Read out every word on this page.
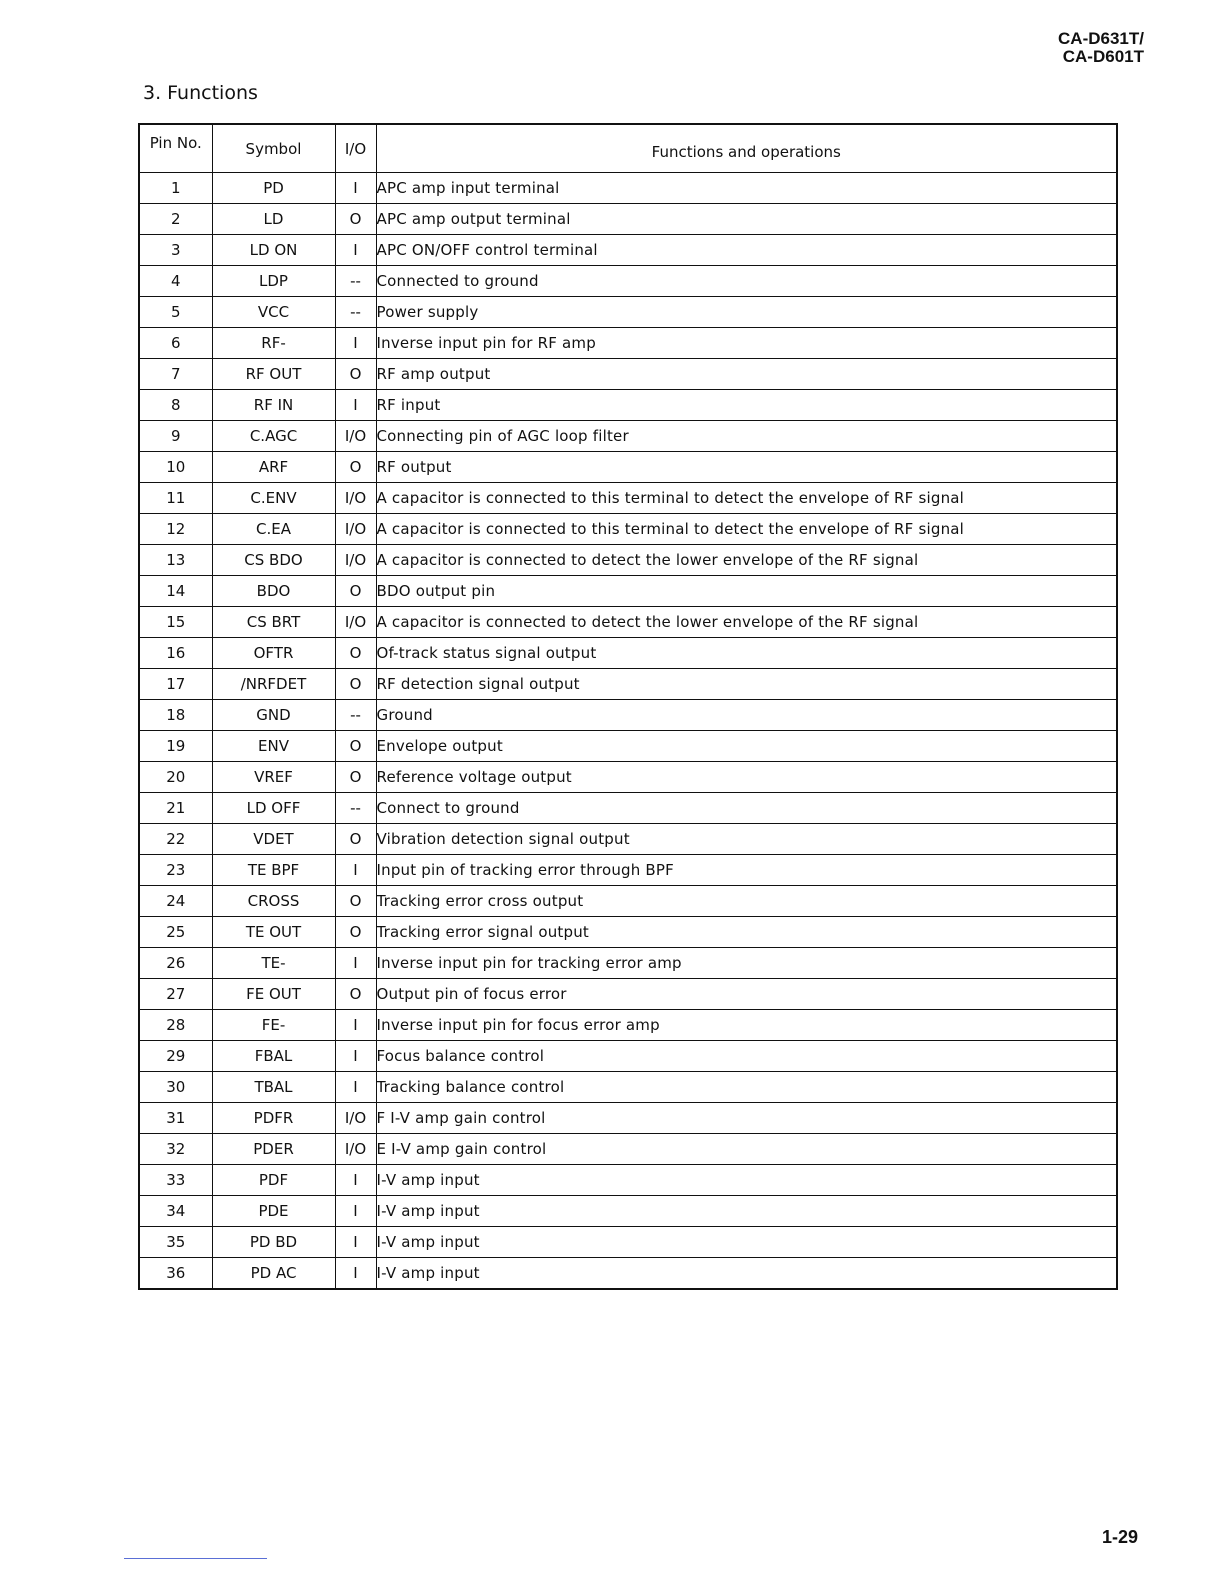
CA-D631T/
CA-D601T
3. Functions
Pin No.	Symbol	I/O	Functions and operations
1	PD	I	APC amp input terminal
2	LD	O	APC amp output terminal
3	LD ON	I	APC ON/OFF control terminal
4	LDP	--	Connected to ground
5	VCC	--	Power supply
6	RF-	I	Inverse input pin for RF amp
7	RF OUT	O	RF amp output
8	RF IN	I	RF input
9	C.AGC	I/O	Connecting pin of AGC loop filter
10	ARF	O	RF output
11	C.ENV	I/O	A capacitor is connected to this terminal to detect the envelope of RF signal
12	C.EA	I/O	A capacitor is connected to this terminal to detect the envelope of RF signal
13	CS BDO	I/O	A capacitor is connected to detect the lower envelope of the RF signal
14	BDO	O	BDO output pin
15	CS BRT	I/O	A capacitor is connected to detect the lower envelope of the RF signal
16	OFTR	O	Of-track status signal output
17	/NRFDET	O	RF detection signal output
18	GND	--	Ground
19	ENV	O	Envelope output
20	VREF	O	Reference voltage output
21	LD OFF	--	Connect to ground
22	VDET	O	Vibration detection signal output
23	TE BPF	I	Input pin of tracking error through BPF
24	CROSS	O	Tracking error cross output
25	TE OUT	O	Tracking error signal output
26	TE-	I	Inverse input pin for tracking error amp
27	FE OUT	O	Output pin of focus error
28	FE-	I	Inverse input pin for focus error amp
29	FBAL	I	Focus balance control
30	TBAL	I	Tracking balance control
31	PDFR	I/O	F I-V amp gain control
32	PDER	I/O	E I-V amp gain control
33	PDF	I	I-V amp input
34	PDE	I	I-V amp input
35	PD BD	I	I-V amp input
36	PD AC	I	I-V amp input
1-29
